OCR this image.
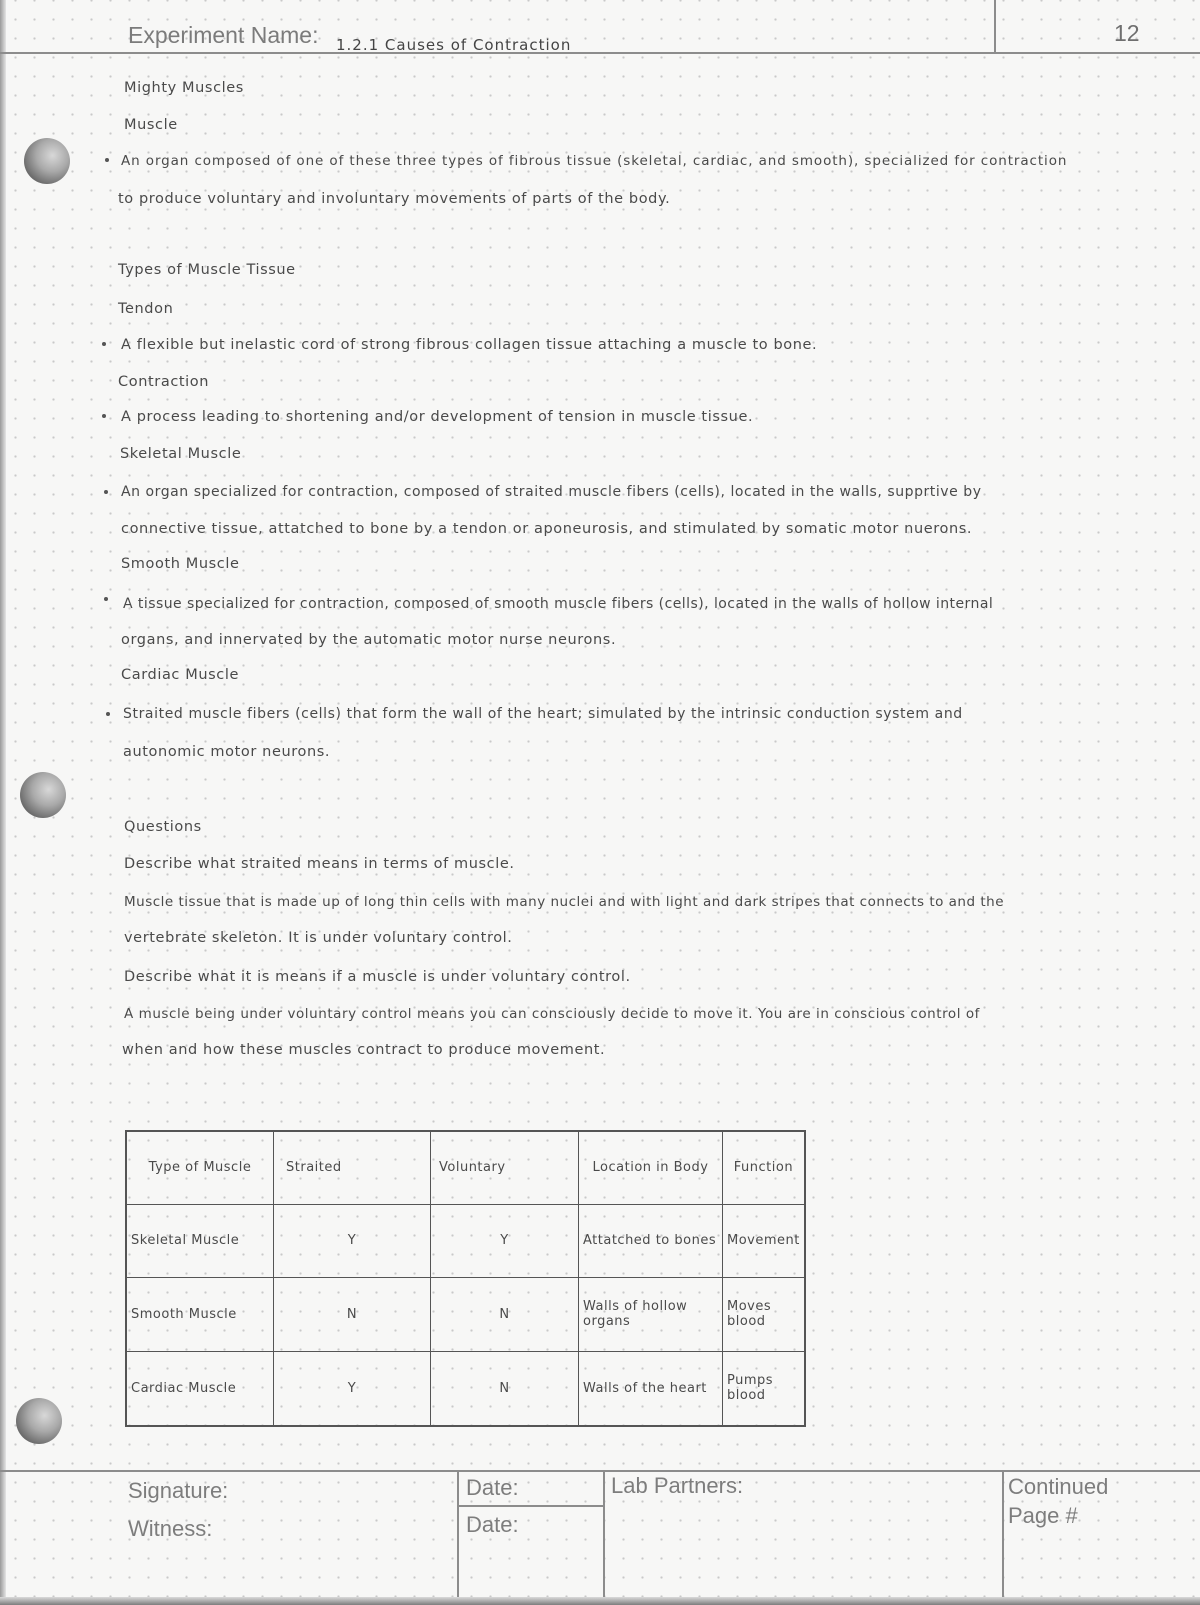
Experiment Name: 1.2.1 Causes of Contraction	12
Mighty Muscles
Muscle
An organ composed of one of these three types of fibrous tissue (skeletal, cardiac, and smooth), specialized for contraction
to produce voluntary and involuntary movements of parts of the body.
Types of Muscle Tissue
Tendon
A flexible but inelastic cord of strong fibrous collagen tissue attaching a muscle to bone.
Contraction
A process leading to shortening and/or development of tension in muscle tissue.
Skeletal Muscle
An organ specialized for contraction, composed of straited muscle fibers (cells), located in the walls, supprtive by
connective tissue, attatched to bone by a tendon or aponeurosis, and stimulated by somatic motor nuerons.
Smooth Muscle
A tissue specialized for contraction, composed of smooth muscle fibers (cells), located in the walls of hollow internal
organs, and innervated by the automatic motor nurse neurons.
Cardiac Muscle
Straited muscle fibers (cells) that form the wall of the heart; simulated by the intrinsic conduction system and
autonomic motor neurons.
Questions
Describe what straited means in terms of muscle.
Muscle tissue that is made up of long thin cells with many nuclei and with light and dark stripes that connects to and the
vertebrate skeleton. It is under voluntary control.
Describe what it is means if a muscle is under voluntary control.
A muscle being under voluntary control means you can consciously decide to move it. You are in conscious control of
when and how these muscles contract to produce movement.
Type of Muscle	Straited	Voluntary	Location in Body	Function
Skeletal Muscle	Y	Y	Attatched to bones	Movement
Smooth Muscle	N	N	Walls of hollow organs	Moves blood
Cardiac Muscle	Y	N	Walls of the heart	Pumps blood
Signature:
Witness:
Date:
Date:
Lab Partners:	Continued
Page #
